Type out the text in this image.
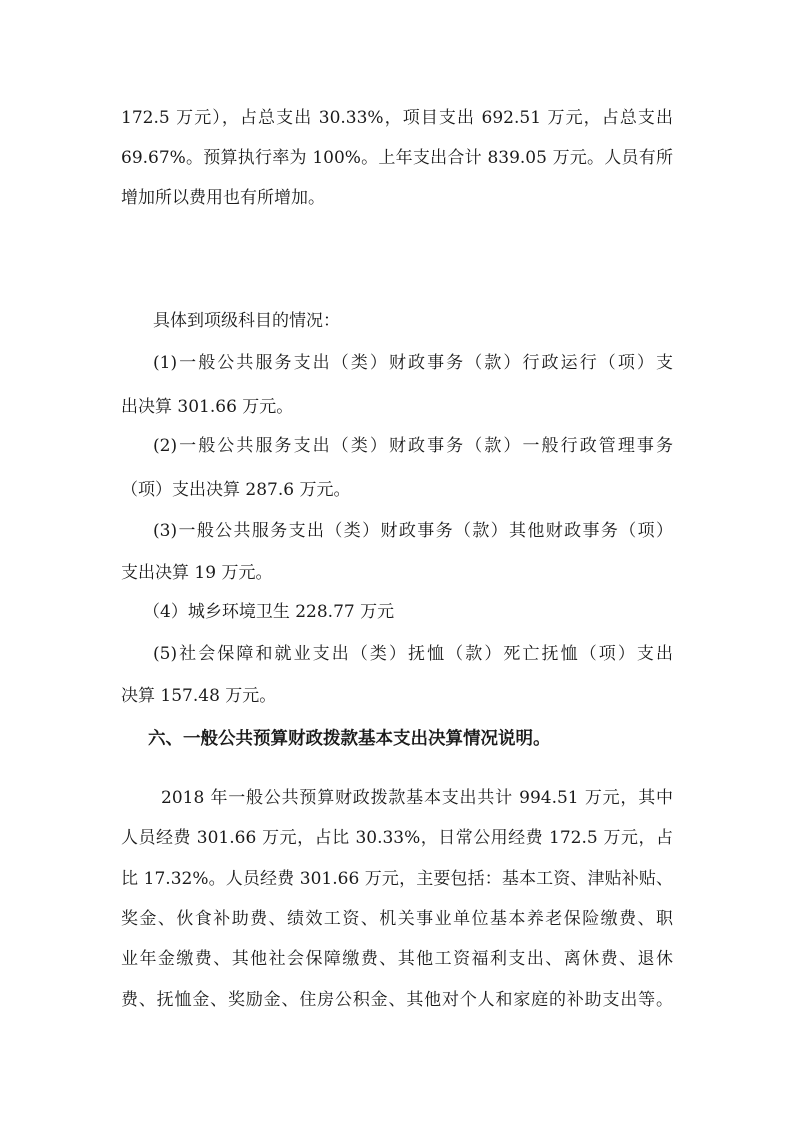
172.5 万元），占总支出 30.33%，项目支出 692.51 万元，占总支出
69.67%。预算执行率为 100%。上年支出合计 839.05 万元。人员有所
增加所以费用也有所增加。
具体到项级科目的情况：
(1)一般公共服务支出（类）财政事务（款）行政运行（项）支
出决算 301.66 万元。
(2)一般公共服务支出（类）财政事务（款）一般行政管理事务
（项）支出决算 287.6 万元。
(3)一般公共服务支出（类）财政事务（款）其他财政事务（项）
支出决算 19 万元。
（4）城乡环境卫生 228.77 万元
(5)社会保障和就业支出（类）抚恤（款）死亡抚恤（项）支出
决算 157.48 万元。
六、一般公共预算财政拨款基本支出决算情况说明。
2018 年一般公共预算财政拨款基本支出共计 994.51 万元，其中
人员经费 301.66 万元，占比 30.33%，日常公用经费 172.5 万元，占
比 17.32%。人员经费 301.66 万元，主要包括：基本工资、津贴补贴、
奖金、伙食补助费、绩效工资、机关事业单位基本养老保险缴费、职
业年金缴费、其他社会保障缴费、其他工资福利支出、离休费、退休
费、抚恤金、奖励金、住房公积金、其他对个人和家庭的补助支出等。
